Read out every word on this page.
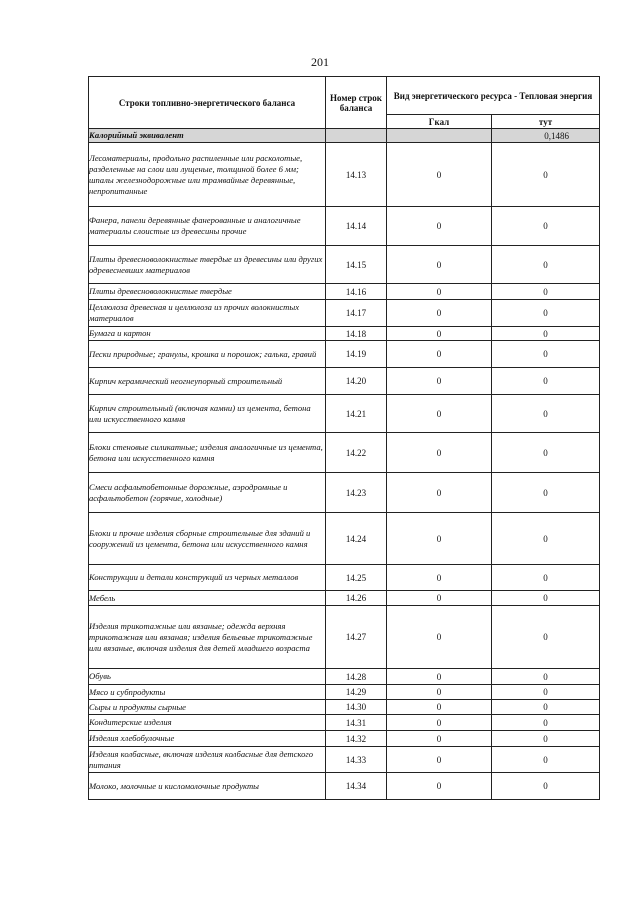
201
Строки топливно-энергетического баланса	Номер строк баланса	Вид энергетического ресурса - Тепловая энергия	
		Гкал	тут
Калорийный эквивалент			0,1486
Лесоматериалы, продольно распиленные или расколотые, разделенные на слои или лущеные, толщиной более 6 мм; шпалы железнодорожные или трамвайные деревянные, непропитанные	14.13	0	0
Фанера, панели деревянные фанерованные и аналогичные материалы слоистые из древесины прочие	14.14	0	0
Плиты древесноволокнистые твердые из древесины или других одревесневших материалов	14.15	0	0
Плиты древесноволокнистые твердые	14.16	0	0
Целлюлоза древесная и целлюлоза из прочих волокнистых материалов	14.17	0	0
Бумага и картон	14.18	0	0
Пески природные; гранулы, крошка и порошок; галька, гравий	14.19	0	0
Кирпич керамический неогнеупорный строительный	14.20	0	0
Кирпич строительный (включая камни) из цемента, бетона или искусственного камня	14.21	0	0
Блоки стеновые силикатные; изделия аналогичные из цемента, бетона или искусственного камня	14.22	0	0
Смеси асфальтобетонные дорожные, аэродромные и асфальтобетон (горячие, холодные)	14.23	0	0
Блоки и прочие изделия сборные строительные для зданий и сооружений из цемента, бетона или искусственного камня	14.24	0	0
Конструкции и детали конструкций из черных металлов	14.25	0	0
Мебель	14.26	0	0
Изделия трикотажные или вязаные; одежда верхняя трикотажная или вязаная; изделия бельевые трикотажные или вязаные, включая изделия для детей младшего возраста	14.27	0	0
Обувь	14.28	0	0
Мясо и субпродукты	14.29	0	0
Сыры и продукты сырные	14.30	0	0
Кондитерские изделия	14.31	0	0
Изделия хлебобулочные	14.32	0	0
Изделия колбасные, включая изделия колбасные для детского питания	14.33	0	0
Молоко, молочные и кисломолочные продукты	14.34	0	0
